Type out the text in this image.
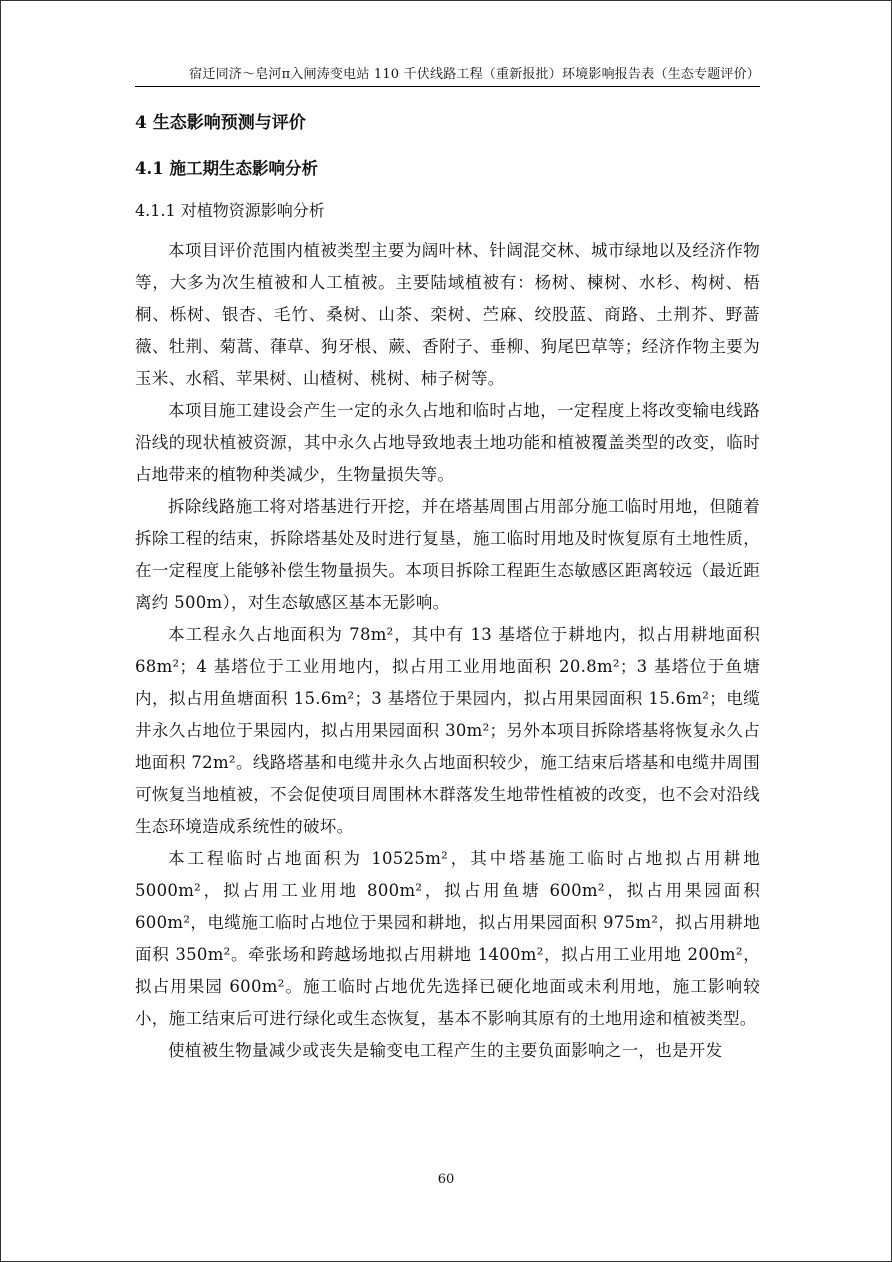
宿迁同济～皂河π入闸涛变电站 110 千伏线路工程（重新报批）环境影响报告表（生态专题评价）
4 生态影响预测与评价
4.1 施工期生态影响分析
4.1.1 对植物资源影响分析

本项目评价范围内植被类型主要为阔叶林、针阔混交林、城市绿地以及经济作物等，大多为次生植被和人工植被。主要陆域植被有：杨树、楝树、水杉、构树、梧桐、栎树、银杏、毛竹、桑树、山茶、栾树、苎麻、绞股蓝、商路、土荆芥、野蔷薇、牡荆、菊蒿、葎草、狗牙根、蕨、香附子、垂柳、狗尾巴草等；经济作物主要为玉米、水稻、苹果树、山楂树、桃树、柿子树等。

本项目施工建设会产生一定的永久占地和临时占地，一定程度上将改变输电线路沿线的现状植被资源，其中永久占地导致地表土地功能和植被覆盖类型的改变，临时占地带来的植物种类减少，生物量损失等。

拆除线路施工将对塔基进行开挖，并在塔基周围占用部分施工临时用地，但随着拆除工程的结束，拆除塔基处及时进行复垦，施工临时用地及时恢复原有土地性质，在一定程度上能够补偿生物量损失。本项目拆除工程距生态敏感区距离较远（最近距离约 500m），对生态敏感区基本无影响。

本工程永久占地面积为 78m²，其中有 13 基塔位于耕地内，拟占用耕地面积 68m²；4 基塔位于工业用地内，拟占用工业用地面积 20.8m²；3 基塔位于鱼塘内，拟占用鱼塘面积 15.6m²；3 基塔位于果园内，拟占用果园面积 15.6m²；电缆井永久占地位于果园内，拟占用果园面积 30m²；另外本项目拆除塔基将恢复永久占地面积 72m²。线路塔基和电缆井永久占地面积较少，施工结束后塔基和电缆井周围可恢复当地植被，不会促使项目周围林木群落发生地带性植被的改变，也不会对沿线生态环境造成系统性的破坏。

本工程临时占地面积为 10525m²，其中塔基施工临时占地拟占用耕地 5000m²，拟占用工业用地 800m²，拟占用鱼塘 600m²，拟占用果园面积 600m²，电缆施工临时占地位于果园和耕地，拟占用果园面积 975m²，拟占用耕地面积 350m²。牵张场和跨越场地拟占用耕地 1400m²，拟占用工业用地 200m²，拟占用果园 600m²。施工临时占地优先选择已硬化地面或未利用地，施工影响较小，施工结束后可进行绿化或生态恢复，基本不影响其原有的土地用途和植被类型。

使植被生物量减少或丧失是输变电工程产生的主要负面影响之一，也是开发

60
